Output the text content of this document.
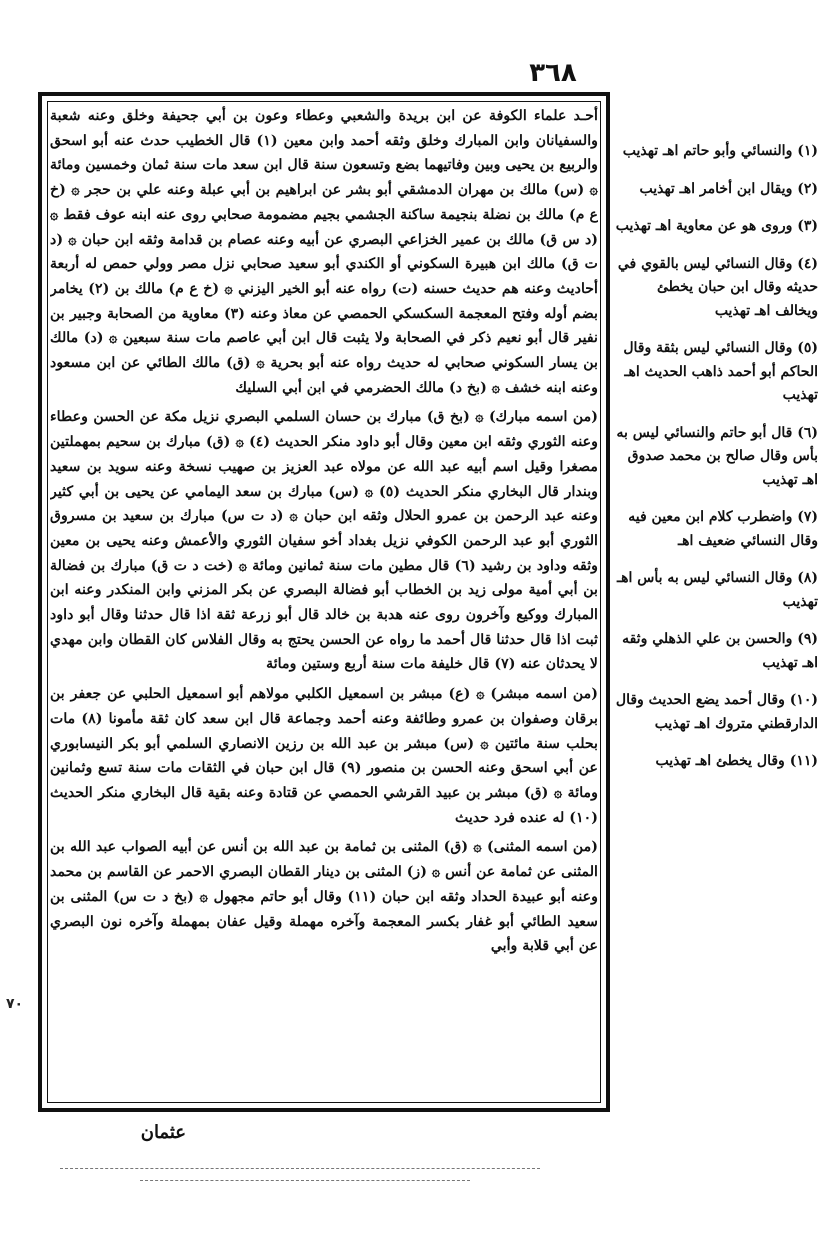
٣٦٨

أحـد علماء الكوفة عن ابن بريدة والشعبي وعطاء وعون بن أبي جحيفة وخلق وعنه شعبة والسفيانان وابن المبارك وخلق وثقه أحمد وابن معين (١) قال الخطيب حدث عنه أبو اسحق والربيع بن يحيى وبين وفاتيهما بضع وتسعون سنة قال ابن سعد مات سنة ثمان وخمسين ومائة ۞ (س) مالك بن مهران الدمشقي أبو بشر عن ابراهيم بن أبي عبلة وعنه علي بن حجر ۞ (خ ع م) مالك بن نضلة بنجيمة ساكنة الجشمي بجيم مضمومة صحابي روى عنه ابنه عوف فقط ۞ (د س ق) مالك بن عمير الخزاعي البصري عن أبيه وعنه عصام بن قدامة وثقه ابن حبان ۞ (د ت ق) مالك ابن هبيرة السكوني أو الكندي أبو سعيد صحابي نزل مصر وولي حمص له أربعة أحاديث وعنه هم حديث حسنه (ت) رواه عنه أبو الخير اليزني ۞ (خ ع م) مالك بن (٢) يخامر بضم أوله وفتح المعجمة السكسكي الحمصي عن معاذ وعنه (٣) معاوية من الصحابة وجبير بن نفير قال أبو نعيم ذكر في الصحابة ولا يثبت قال ابن أبي عاصم مات سنة سبعين ۞ (د) مالك بن يسار السكوني صحابي له حديث رواه عنه أبو بحرية ۞ (ق) مالك الطائي عن ابن مسعود وعنه ابنه خشف ۞ (بخ د) مالك الحضرمي في ابن أبي السليك

(من اسمه مبارك) ۞ (بخ ق) مبارك بن حسان السلمي البصري نزيل مكة عن الحسن وعطاء وعنه الثوري وثقه ابن معين وقال أبو داود منكر الحديث (٤) ۞ (ق) مبارك بن سحيم بمهملتين مصغرا وقيل اسم أبيه عبد الله عن مولاه عبد العزيز بن صهيب نسخة وعنه سويد بن سعيد وبندار قال البخاري منكر الحديث (٥) ۞ (س) مبارك بن سعد اليمامي عن يحيى بن أبي كثير وعنه عبد الرحمن بن عمرو الحلال وثقه ابن حبان ۞ (د ت س) مبارك بن سعيد بن مسروق الثوري أبو عبد الرحمن الكوفي نزيل بغداد أخو سفيان الثوري والأعمش وعنه يحيى بن معين وثقه وداود بن رشيد (٦) قال مطين مات سنة ثمانين ومائة ۞ (خت د ت ق) مبارك بن فضالة بن أبي أمية مولى زيد بن الخطاب أبو فضالة البصري عن بكر المزني وابن المنكدر وعنه ابن المبارك ووكيع وآخرون روى عنه هدبة بن خالد قال أبو زرعة ثقة اذا قال حدثنا وقال أبو داود ثبت اذا قال حدثنا قال أحمد ما رواه عن الحسن يحتج به وقال الفلاس كان القطان وابن مهدي لا يحدثان عنه (٧) قال خليفة مات سنة أربع وستين ومائة

(من اسمه مبشر) ۞ (ع) مبشر بن اسمعيل الكلبي مولاهم أبو اسمعيل الحلبي عن جعفر بن برقان وصفوان بن عمرو وطائفة وعنه أحمد وجماعة قال ابن سعد كان ثقة مأمونا (٨) مات بحلب سنة مائتين ۞ (س) مبشر بن عبد الله بن رزين الانصاري السلمي أبو بكر النيسابوري عن أبي اسحق وعنه الحسن بن منصور (٩) قال ابن حبان في الثقات مات سنة تسع وثمانين ومائة ۞ (ق) مبشر بن عبيد القرشي الحمصي عن قتادة وعنه بقية قال البخاري منكر الحديث (١٠) له عنده فرد حديث

(من اسمه المثنى) ۞ (ق) المثنى بن ثمامة بن عبد الله بن أنس عن أبيه الصواب عبد الله بن المثنى عن ثمامة عن أنس ۞ (ز) المثنى بن دينار القطان البصري الاحمر عن القاسم بن محمد وعنه أبو عبيدة الحداد وثقه ابن حبان (١١) وقال أبو حاتم مجهول ۞ (بخ د ت س) المثنى بن سعيد الطائي أبو غفار بكسر المعجمة وآخره مهملة وقيل عفان بمهملة وآخره نون البصري عن أبي قلابة وأبي

(١) والنسائي وأبو حاتم اهـ تهذيب

(٢) ويقال ابن أخامر اهـ تهذيب

(٣) وروى هو عن معاوية اهـ تهذيب

(٤) وقال النسائي ليس بالقوي في حديثه وقال ابن حبان يخطئ ويخالف اهـ تهذيب

(٥) وقال النسائي ليس بثقة وقال الحاكم أبو أحمد ذاهب الحديث اهـ تهذيب

(٦) قال أبو حاتم والنسائي ليس به بأس وقال صالح بن محمد صدوق اهـ تهذيب

(٧) واضطرب كلام ابن معين فيه وقال النسائي ضعيف اهـ

(٨) وقال النسائي ليس به بأس اهـ تهذيب

(٩) والحسن بن علي الذهلي وثقه اهـ تهذيب

(١٠) وقال أحمد يضع الحديث وقال الدارقطني متروك اهـ تهذيب

(١١) وقال يخطئ اهـ تهذيب

٧٠
عثمان
